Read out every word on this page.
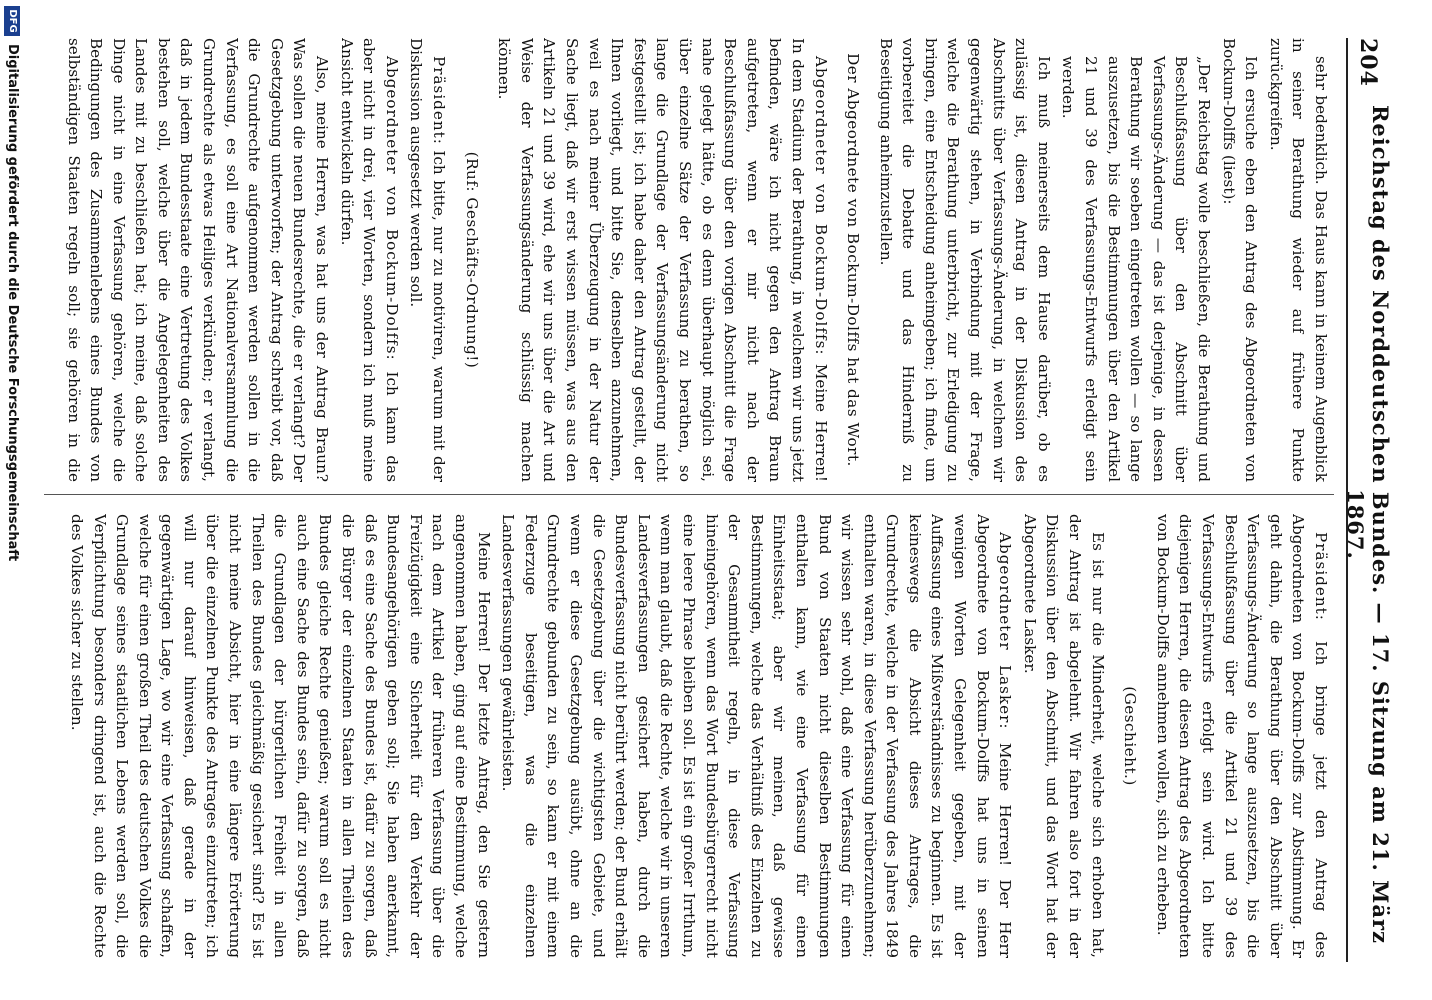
204
Reichstag des Norddeutschen Bundes. — 17. Sitzung am 21. März 1867.

sehr bedenklich. Das Haus kann in keinem Augenblick in seiner Berathung wieder auf frühere Punkte zurückgreifen.

Ich ersuche eben den Antrag des Abgeordneten von Bockum-Dolffs (liest):

„Der Reichstag wolle beschließen, die Berathung und Beschlußfassung über den Abschnitt über Verfassungs-Änderung — das ist derjenige, in dessen Berathung wir soeben eingetreten wollen — so lange auszusetzen, bis die Bestimmungen über den Artikel 21 und 39 des Verfassungs-Entwurfs erledigt sein werden.

Ich muß meinerseits dem Hause darüber, ob es zulässig ist, diesen Antrag in der Diskussion des Abschnitts über Verfassungs-Änderung, in welchem wir gegenwärtig stehen, in Verbindung mit der Frage, welche die Berathung unterbricht, zur Erledigung zu bringen, eine Entscheidung anheimgeben; ich finde, um vorbereitet die Debatte und das Hinderniß zu Beseitigung anheimzustellen.

Der Abgeordnete von Bockum-Dolffs hat das Wort.

Abgeordneter von Bockum-Dolffs: Meine Herren! In dem Stadium der Berathung, in welchem wir uns jetzt befinden, wäre ich nicht gegen den Antrag Braun aufgetreten, wenn er mir nicht nach der Beschlußfassung über den vorigen Abschnitt die Frage nahe gelegt hätte, ob es denn überhaupt möglich sei, über einzelne Sätze der Verfassung zu berathen, so lange die Grundlage der Verfassungsänderung nicht festgestellt ist; ich habe daher den Antrag gestellt, der Ihnen vorliegt, und bitte Sie, denselben anzunehmen, weil es nach meiner Überzeugung in der Natur der Sache liegt, daß wir erst wissen müssen, was aus den Artikeln 21 und 39 wird, ehe wir uns über die Art und Weise der Verfassungsänderung schlüssig machen können.

(Ruf: Geschäfts-Ordnung!)

Präsident: Ich bitte, nur zu motiviren, warum mit der Diskussion ausgesetzt werden soll.

Abgeordneter von Bockum-Dolffs: Ich kann das aber nicht in drei, vier Worten, sondern ich muß meine Ansicht entwickeln dürfen.

Also, meine Herren, was hat uns der Antrag Braun? Was sollen die neuen Bundesrechte, die er verlangt? Der Gesetzgebung unterworfen; der Antrag schreibt vor, daß die Grundrechte aufgenommen werden sollen in die Verfassung, es soll eine Art Nationalversammlung die Grundrechte als etwas Heiliges verkünden; er verlangt, daß in jedem Bundesstaate eine Vertretung des Volkes bestehen soll, welche über die Angelegenheiten des Landes mit zu beschließen hat; ich meine, daß solche Dinge nicht in eine Verfassung gehören, welche die Bedingungen des Zusammenlebens eines Bundes von selbständigen Staaten regeln soll; sie gehören in die

Präsident: Ich bringe jetzt den Antrag des Abgeordneten von Bockum-Dolffs zur Abstimmung. Er geht dahin, die Berathung über den Abschnitt über Verfassungs-Änderung so lange auszusetzen, bis die Beschlußfassung über die Artikel 21 und 39 des Verfassungs-Entwurfs erfolgt sein wird. Ich bitte diejenigen Herren, die diesen Antrag des Abgeordneten von Bockum-Dolffs annehmen wollen, sich zu erheben.

(Geschieht.)

Es ist nur die Minderheit, welche sich erhoben hat, der Antrag ist abgelehnt. Wir fahren also fort in der Diskussion über den Abschnitt, und das Wort hat der Abgeordnete Lasker.

Abgeordneter Lasker: Meine Herren! Der Herr Abgeordnete von Bockum-Dolffs hat uns in seinen wenigen Worten Gelegenheit gegeben, mit der Auffassung eines Mißverständnisses zu beginnen. Es ist keineswegs die Absicht dieses Antrages, die Grundrechte, welche in der Verfassung des Jahres 1849 enthalten waren, in diese Verfassung herüberzunehmen; wir wissen sehr wohl, daß eine Verfassung für einen Bund von Staaten nicht dieselben Bestimmungen enthalten kann, wie eine Verfassung für einen Einheitsstaat; aber wir meinen, daß gewisse Bestimmungen, welche das Verhältniß des Einzelnen zu der Gesammtheit regeln, in diese Verfassung hineingehören, wenn das Wort Bundesbürgerrecht nicht eine leere Phrase bleiben soll. Es ist ein großer Irrthum, wenn man glaubt, daß die Rechte, welche wir in unseren Landesverfassungen gesichert haben, durch die Bundesverfassung nicht berührt werden; der Bund erhält die Gesetzgebung über die wichtigsten Gebiete, und wenn er diese Gesetzgebung ausübt, ohne an die Grundrechte gebunden zu sein, so kann er mit einem Federzuge beseitigen, was die einzelnen Landesverfassungen gewährleisten.

Meine Herren! Der letzte Antrag, den Sie gestern angenommen haben, ging auf eine Bestimmung, welche nach dem Artikel der früheren Verfassung über die Freizügigkeit eine Sicherheit für den Verkehr der Bundesangehörigen geben soll; Sie haben anerkannt, daß es eine Sache des Bundes ist, dafür zu sorgen, daß die Bürger der einzelnen Staaten in allen Theilen des Bundes gleiche Rechte genießen; warum soll es nicht auch eine Sache des Bundes sein, dafür zu sorgen, daß die Grundlagen der bürgerlichen Freiheit in allen Theilen des Bundes gleichmäßig gesichert sind? Es ist nicht meine Absicht, hier in eine längere Erörterung über die einzelnen Punkte des Antrages einzutreten; ich will nur darauf hinweisen, daß gerade in der gegenwärtigen Lage, wo wir eine Verfassung schaffen, welche für einen großen Theil des deutschen Volkes die Grundlage seines staatlichen Lebens werden soll, die Verpflichtung besonders dringend ist, auch die Rechte des Volkes sicher zu stellen.

DFG
Digitalisierung gefördert durch die Deutsche Forschungsgemeinschaft
